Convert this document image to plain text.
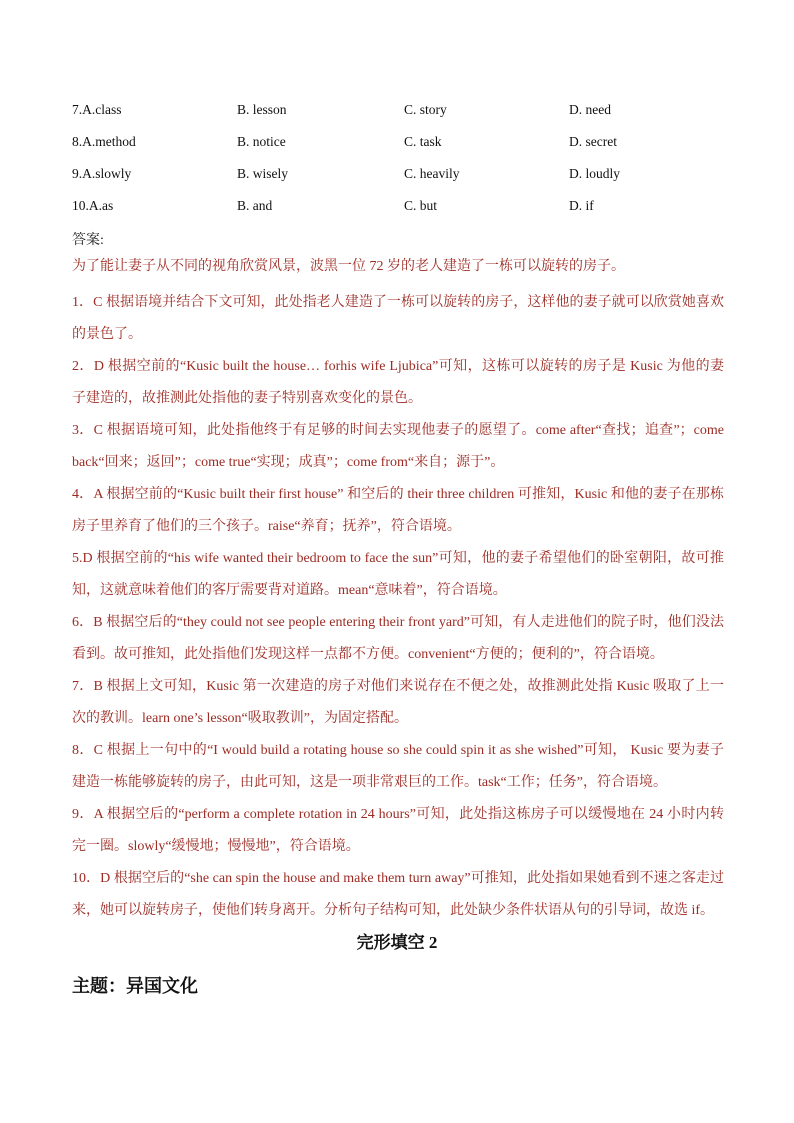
7.A.class	B. lesson	C. story	D. need
8.A.method	B. notice	C. task	D. secret
9.A.slowly	B. wisely	C. heavily	D. loudly
10.A.as	B. and	C. but	D. if
答案:
为了能让妻子从不同的视角欣赏风景，波黑一位 72 岁的老人建造了一栋可以旋转的房子。

1．C 根据语境并结合下文可知，此处指老人建造了一栋可以旋转的房子，这样他的妻子就可以欣赏她喜欢的景色了。

2．D 根据空前的“Kusic built the house… forhis wife Ljubica”可知，这栋可以旋转的房子是 Kusic 为他的妻子建造的，故推测此处指他的妻子特别喜欢变化的景色。

3．C 根据语境可知，此处指他终于有足够的时间去实现他妻子的愿望了。come after“查找；追查”；come back“回来；返回”；come true“实现；成真”；come from“来自；源于”。

4．A 根据空前的“Kusic built their first house” 和空后的 their three children 可推知，Kusic 和他的妻子在那栋房子里养育了他们的三个孩子。raise“养育；抚养”，符合语境。

5.D 根据空前的“his wife wanted their bedroom to face the sun”可知，他的妻子希望他们的卧室朝阳，故可推知，这就意味着他们的客厅需要背对道路。mean“意味着”，符合语境。

6．B 根据空后的“they could not see people entering their front yard”可知，有人走进他们的院子时，他们没法看到。故可推知，此处指他们发现这样一点都不方便。convenient“方便的；便利的”，符合语境。

7．B 根据上文可知，Kusic 第一次建造的房子对他们来说存在不便之处，故推测此处指 Kusic 吸取了上一次的教训。learn one’s lesson“吸取教训”，为固定搭配。

8．C 根据上一句中的“I would build a rotating house so she could spin it as she wished”可知， Kusic 要为妻子建造一栋能够旋转的房子，由此可知，这是一项非常艰巨的工作。task“工作；任务”，符合语境。

9．A 根据空后的“perform a complete rotation in 24 hours”可知，此处指这栋房子可以缓慢地在 24 小时内转完一圈。slowly“缓慢地；慢慢地”，符合语境。

10．D 根据空后的“she can spin the house and make them turn away”可推知，此处指如果她看到不速之客走过来，她可以旋转房子，使他们转身离开。分析句子结构可知，此处缺少条件状语从句的引导词，故选 if。

完形填空 2
主题：异国文化
